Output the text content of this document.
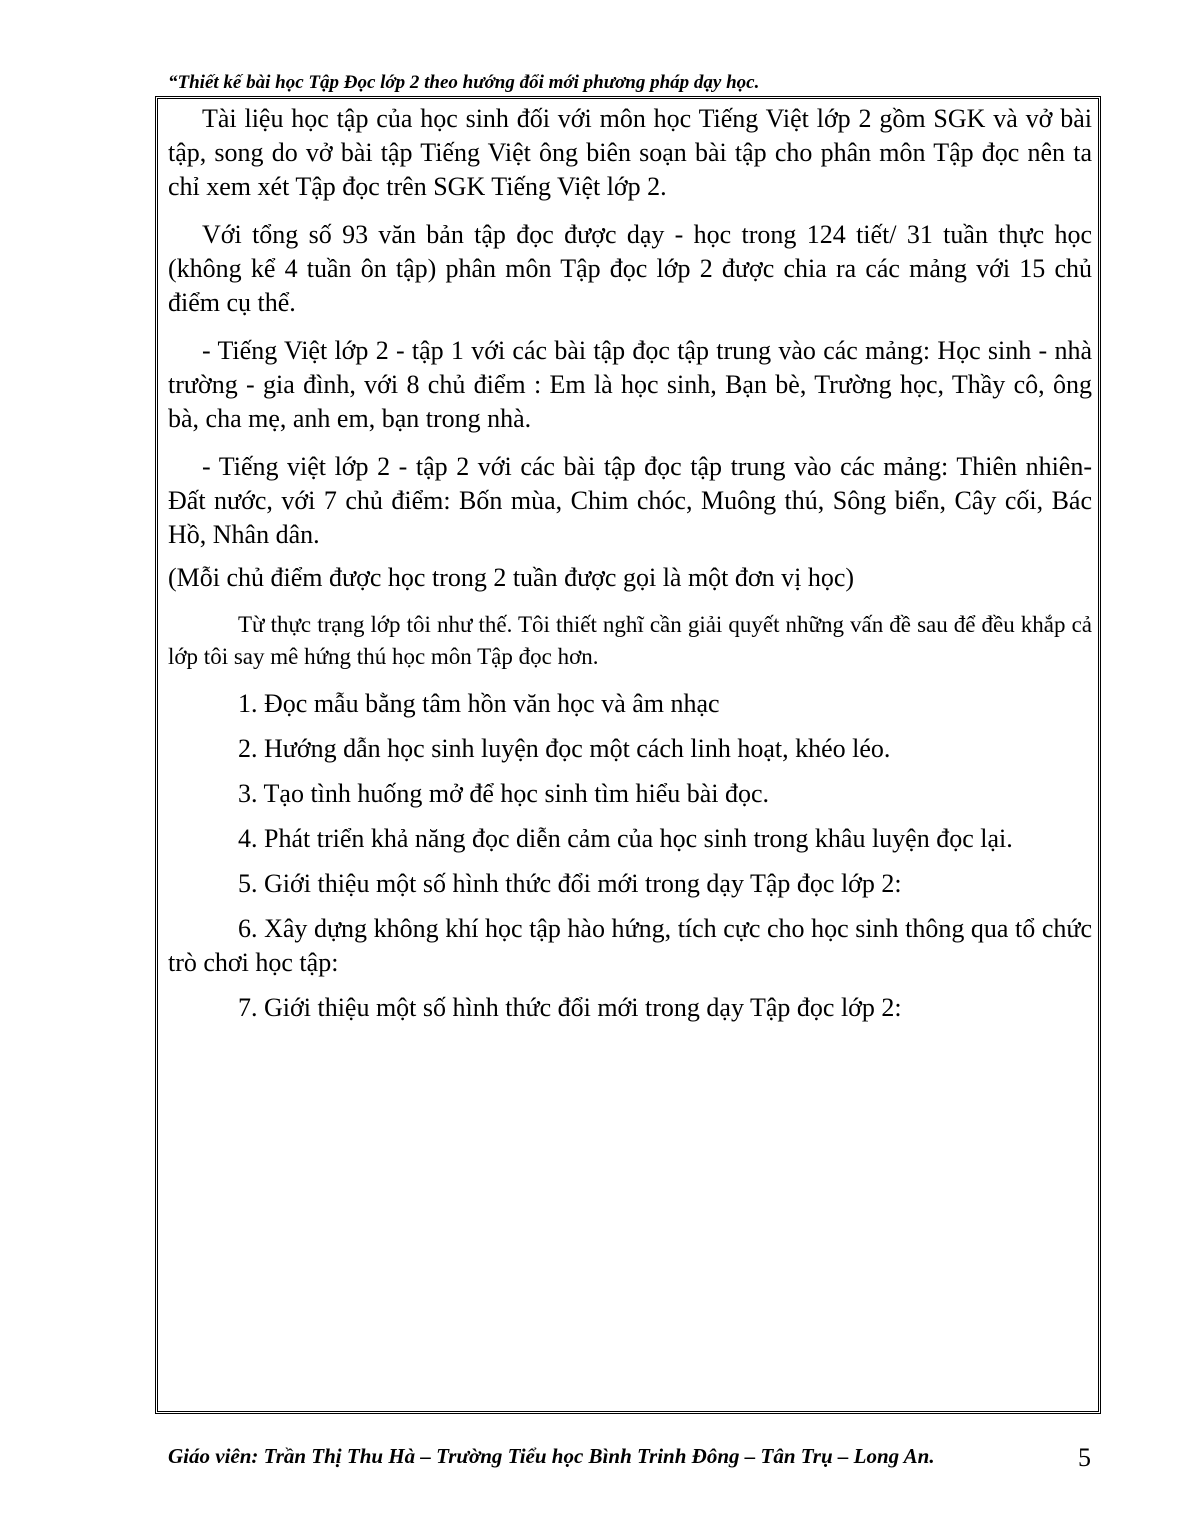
“Thiết kế bài học Tập Đọc lớp 2 theo hướng đổi mới phương pháp dạy học.

Tài liệu học tập của học sinh đối với môn học Tiếng Việt lớp 2 gồm SGK và vở bài tập, song do vở bài tập Tiếng Việt ông biên soạn bài tập cho phân môn Tập đọc nên ta chỉ xem xét Tập đọc trên SGK Tiếng Việt lớp 2.

Với tổng số 93 văn bản tập đọc được dạy - học trong 124 tiết/ 31 tuần thực học (không kể 4 tuần ôn tập) phân môn Tập đọc lớp 2 được chia ra các mảng với 15 chủ điểm cụ thể.

- Tiếng Việt lớp 2 - tập 1 với các bài tập đọc tập trung vào các mảng: Học sinh - nhà trường - gia đình, với 8 chủ điểm : Em là học sinh, Bạn bè, Trường học, Thầy cô, ông bà, cha mẹ, anh em, bạn trong nhà.

- Tiếng việt lớp 2 - tập 2 với các bài tập đọc tập trung vào các mảng: Thiên nhiên- Đất nước, với 7 chủ điểm: Bốn mùa, Chim chóc, Muông thú, Sông biển, Cây cối, Bác Hồ, Nhân dân.

(Mỗi chủ điểm được học trong 2 tuần được gọi là một đơn vị học)

Từ thực trạng lớp tôi như thế. Tôi thiết nghĩ cần giải quyết những vấn đề sau để đều khắp cả lớp tôi say mê hứng thú học môn Tập đọc hơn.

1. Đọc mẫu bằng tâm hồn văn học và âm nhạc

2. Hướng dẫn học sinh luyện đọc một cách linh hoạt, khéo léo.

3. Tạo tình huống mở để học sinh tìm hiểu bài đọc.

4. Phát triển khả năng đọc diễn cảm của học sinh trong khâu luyện đọc lại.

5. Giới thiệu một số hình thức đổi mới trong dạy Tập đọc lớp 2:

6. Xây dựng không khí học tập hào hứng, tích cực cho học sinh thông qua tổ chức trò chơi học tập:

7. Giới thiệu một số hình thức đổi mới trong dạy Tập đọc lớp 2:

Giáo viên: Trần Thị Thu Hà – Trường Tiểu học Bình Trinh Đông – Tân Trụ – Long An.	5
